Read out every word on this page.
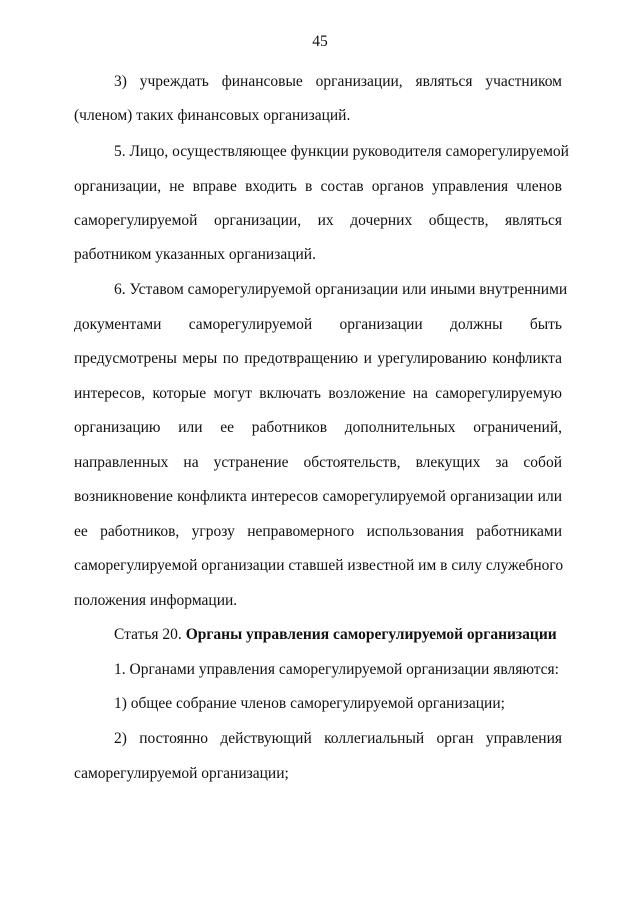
45
3) учреждать финансовые организации, являться участником
(членом) таких финансовых организаций.
5. Лицо, осуществляющее функции руководителя саморегулируемой
организации, не вправе входить в состав органов управления членов
саморегулируемой организации, их дочерних обществ, являться
работником указанных организаций.
6. Уставом саморегулируемой организации или иными внутренними
документами саморегулируемой организации должны быть
предусмотрены меры по предотвращению и урегулированию конфликта
интересов, которые могут включать возложение на саморегулируемую
организацию или ее работников дополнительных ограничений,
направленных на устранение обстоятельств, влекущих за собой
возникновение конфликта интересов саморегулируемой организации или
ее работников, угрозу неправомерного использования работниками
саморегулируемой организации ставшей известной им в силу служебного
положения информации.
Статья 20. Органы управления саморегулируемой организации
1. Органами управления саморегулируемой организации являются:
1) общее собрание членов саморегулируемой организации;
2) постоянно действующий коллегиальный орган управления
саморегулируемой организации;
